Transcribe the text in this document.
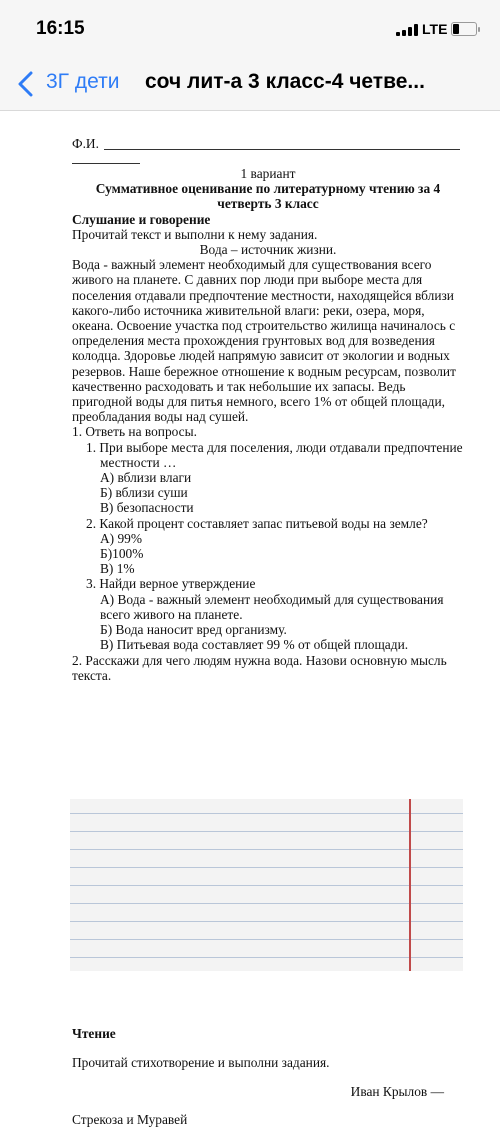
16:15	LTE
3Г дети соч лит-а 3 класс-4 четве...
Ф.И.

1 вариант

Суммативное оценивание по литературному чтению за 4 четверть 3 класс

Слушание и говорение

Прочитай текст и выполни к нему задания.

Вода – источник жизни.

Вода - важный элемент необходимый для существования всего живого на планете. С давних пор люди при выборе места для поселения отдавали предпочтение местности, находящейся вблизи какого-либо источника живительной влаги: реки, озера, моря, океана. Освоение участка под строительство жилища начиналось с определения места прохождения грунтовых вод для возведения колодца. Здоровье людей напрямую зависит от экологии и водных резервов. Наше бережное отношение к водным ресурсам, позволит качественно расходовать и так небольшие их запасы. Ведь пригодной воды для питья немного, всего 1% от общей площади, преобладания воды над сушей.

1. Ответь на вопросы.

1. При выборе места для поселения, люди отдавали предпочтение местности …

А) вблизи влаги

Б) вблизи суши

В) безопасности

2. Какой процент составляет запас питьевой воды на земле?

А) 99%

Б)100%

В) 1%

3. Найди верное утверждение

А) Вода - важный элемент необходимый для существования всего живого на планете.

Б) Вода наносит вред организму.

В) Питьевая вода составляет 99 % от общей площади.

2. Расскажи для чего людям нужна вода. Назови основную мысль текста.

Чтение

Прочитай стихотворение и выполни задания.

Иван Крылов —

Стрекоза и Муравей
